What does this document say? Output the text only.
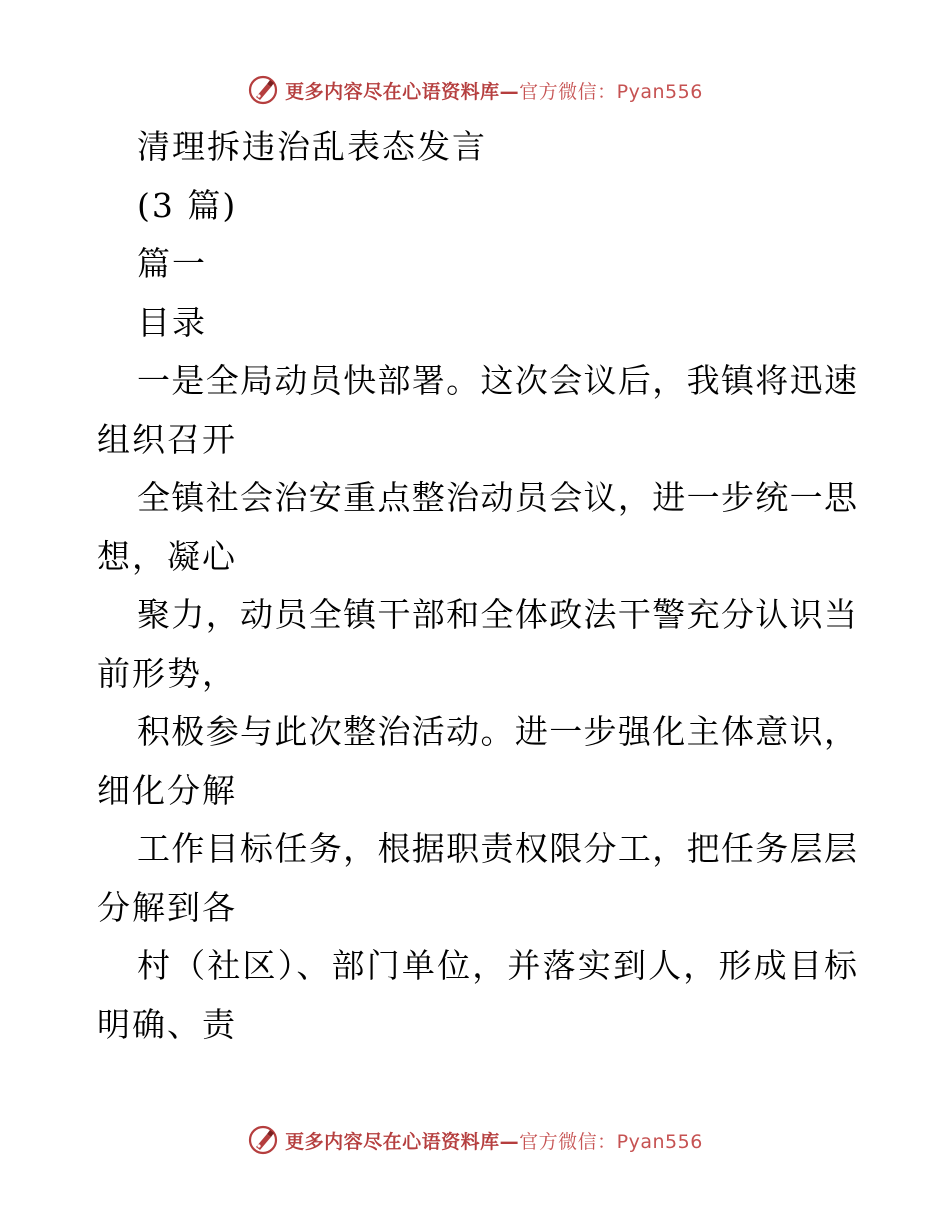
更多内容尽在心语资料库—官方微信：Pyan556
清理拆违治乱表态发言
(3 篇)
篇一
目录
一是全局动员快部署。这次会议后，我镇将迅速
组织召开
全镇社会治安重点整治动员会议，进一步统一思
想，凝心
聚力，动员全镇干部和全体政法干警充分认识当
前形势，
积极参与此次整治活动。进一步强化主体意识，
细化分解
工作目标任务，根据职责权限分工，把任务层层
分解到各
村（社区）、部门单位，并落实到人，形成目标
明确、责
更多内容尽在心语资料库—官方微信：Pyan556
